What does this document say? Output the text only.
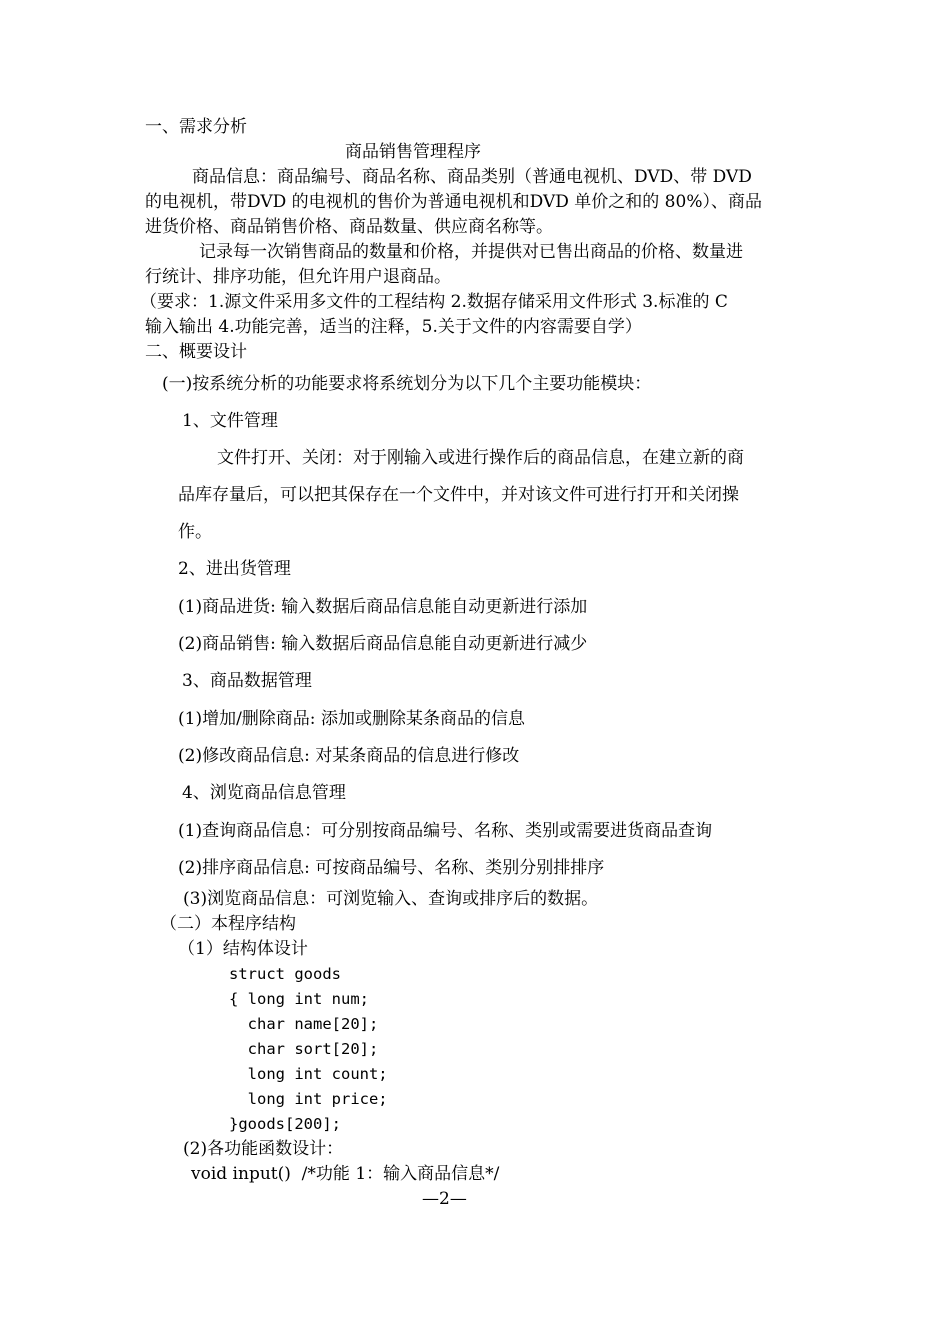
一、需求分析
商品销售管理程序
商品信息：商品编号、商品名称、商品类别（普通电视机、DVD、带 DVD
的电视机，带DVD 的电视机的售价为普通电视机和DVD 单价之和的 80%）、商品
进货价格、商品销售价格、商品数量、供应商名称等。
记录每一次销售商品的数量和价格，并提供对已售出商品的价格、数量进
行统计、排序功能，但允许用户退商品。
（要求：1.源文件采用多文件的工程结构 2.数据存储采用文件形式 3.标准的 C
输入输出 4.功能完善，适当的注释，5.关于文件的内容需要自学）
二、概要设计
(一)按系统分析的功能要求将系统划分为以下几个主要功能模块：
1、文件管理
文件打开、关闭：对于刚输入或进行操作后的商品信息，在建立新的商
品库存量后，可以把其保存在一个文件中，并对该文件可进行打开和关闭操
作。
2、进出货管理
(1)商品进货: 输入数据后商品信息能自动更新进行添加
(2)商品销售: 输入数据后商品信息能自动更新进行减少
3、商品数据管理
(1)增加/删除商品: 添加或删除某条商品的信息
(2)修改商品信息: 对某条商品的信息进行修改
4、浏览商品信息管理
(1)查询商品信息：可分别按商品编号、名称、类别或需要进货商品查询
(2)排序商品信息: 可按商品编号、名称、类别分别排排序
(3)浏览商品信息：可浏览输入、查询或排序后的数据。
（二）本程序结构
（1）结构体设计
struct goods
{ long int num;
char name[20];
char sort[20];
long int count;
long int price;
}goods[200];
(2)各功能函数设计：
void input()  /*功能 1：输入商品信息*/
—2—
